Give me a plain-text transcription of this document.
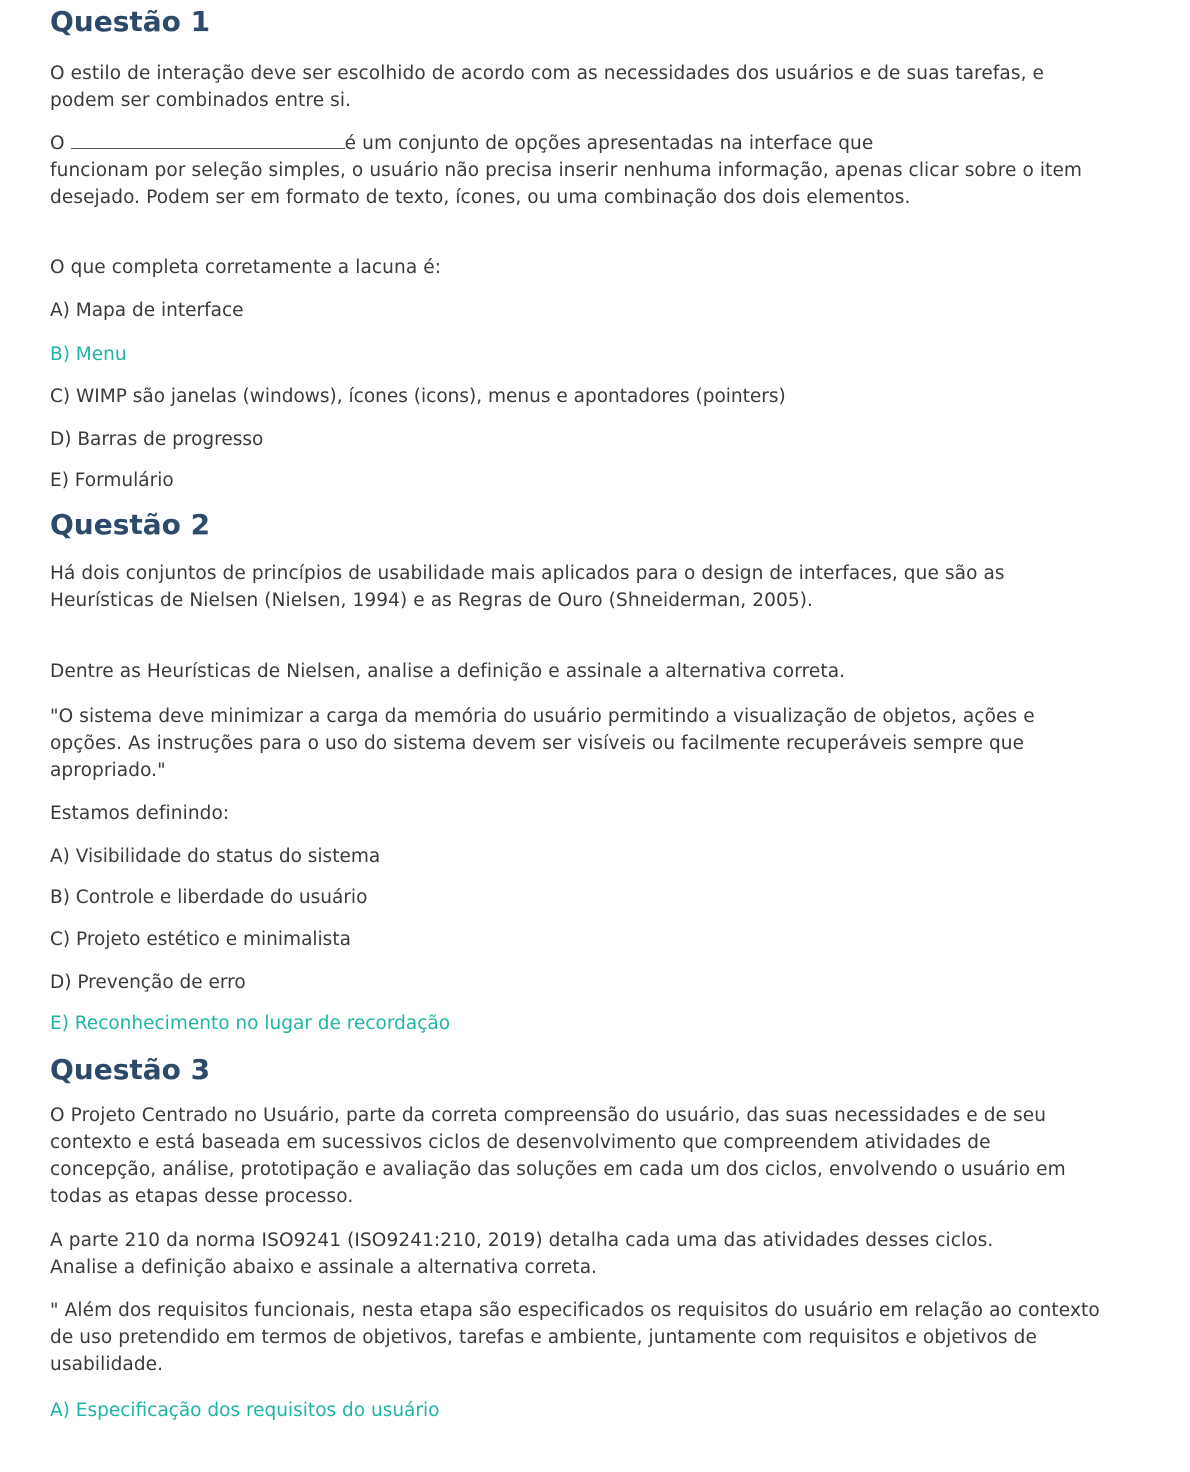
Questão 1

O estilo de interação deve ser escolhido de acordo com as necessidades dos usuários e de suas tarefas, e podem ser combinados entre si.

O	é um conjunto de opções apresentadas na interface que

funcionam por seleção simples, o usuário não precisa inserir nenhuma informação, apenas clicar sobre o item desejado. Podem ser em formato de texto, ícones, ou uma combinação dos dois elementos.

O que completa corretamente a lacuna é:

A) Mapa de interface

B) Menu

C) WIMP são janelas (windows), ícones (icons), menus e apontadores (pointers)

D) Barras de progresso

E) Formulário

Questão 2

Há dois conjuntos de princípios de usabilidade mais aplicados para o design de interfaces, que são as Heurísticas de Nielsen (Nielsen, 1994) e as Regras de Ouro (Shneiderman, 2005).

Dentre as Heurísticas de Nielsen, analise a definição e assinale a alternativa correta.

"O sistema deve minimizar a carga da memória do usuário permitindo a visualização de objetos, ações e opções. As instruções para o uso do sistema devem ser visíveis ou facilmente recuperáveis sempre que apropriado."

Estamos definindo:

A) Visibilidade do status do sistema

B) Controle e liberdade do usuário

C) Projeto estético e minimalista

D) Prevenção de erro

E) Reconhecimento no lugar de recordação

Questão 3

O Projeto Centrado no Usuário, parte da correta compreensão do usuário, das suas necessidades e de seu contexto e está baseada em sucessivos ciclos de desenvolvimento que compreendem atividades de concepção, análise, prototipação e avaliação das soluções em cada um dos ciclos, envolvendo o usuário em todas as etapas desse processo.

A parte 210 da norma ISO9241 (ISO9241:210, 2019) detalha cada uma das atividades desses ciclos. Analise a definição abaixo e assinale a alternativa correta.

" Além dos requisitos funcionais, nesta etapa são especificados os requisitos do usuário em relação ao contexto de uso pretendido em termos de objetivos, tarefas e ambiente, juntamente com requisitos e objetivos de usabilidade.

A) Especificação dos requisitos do usuário
